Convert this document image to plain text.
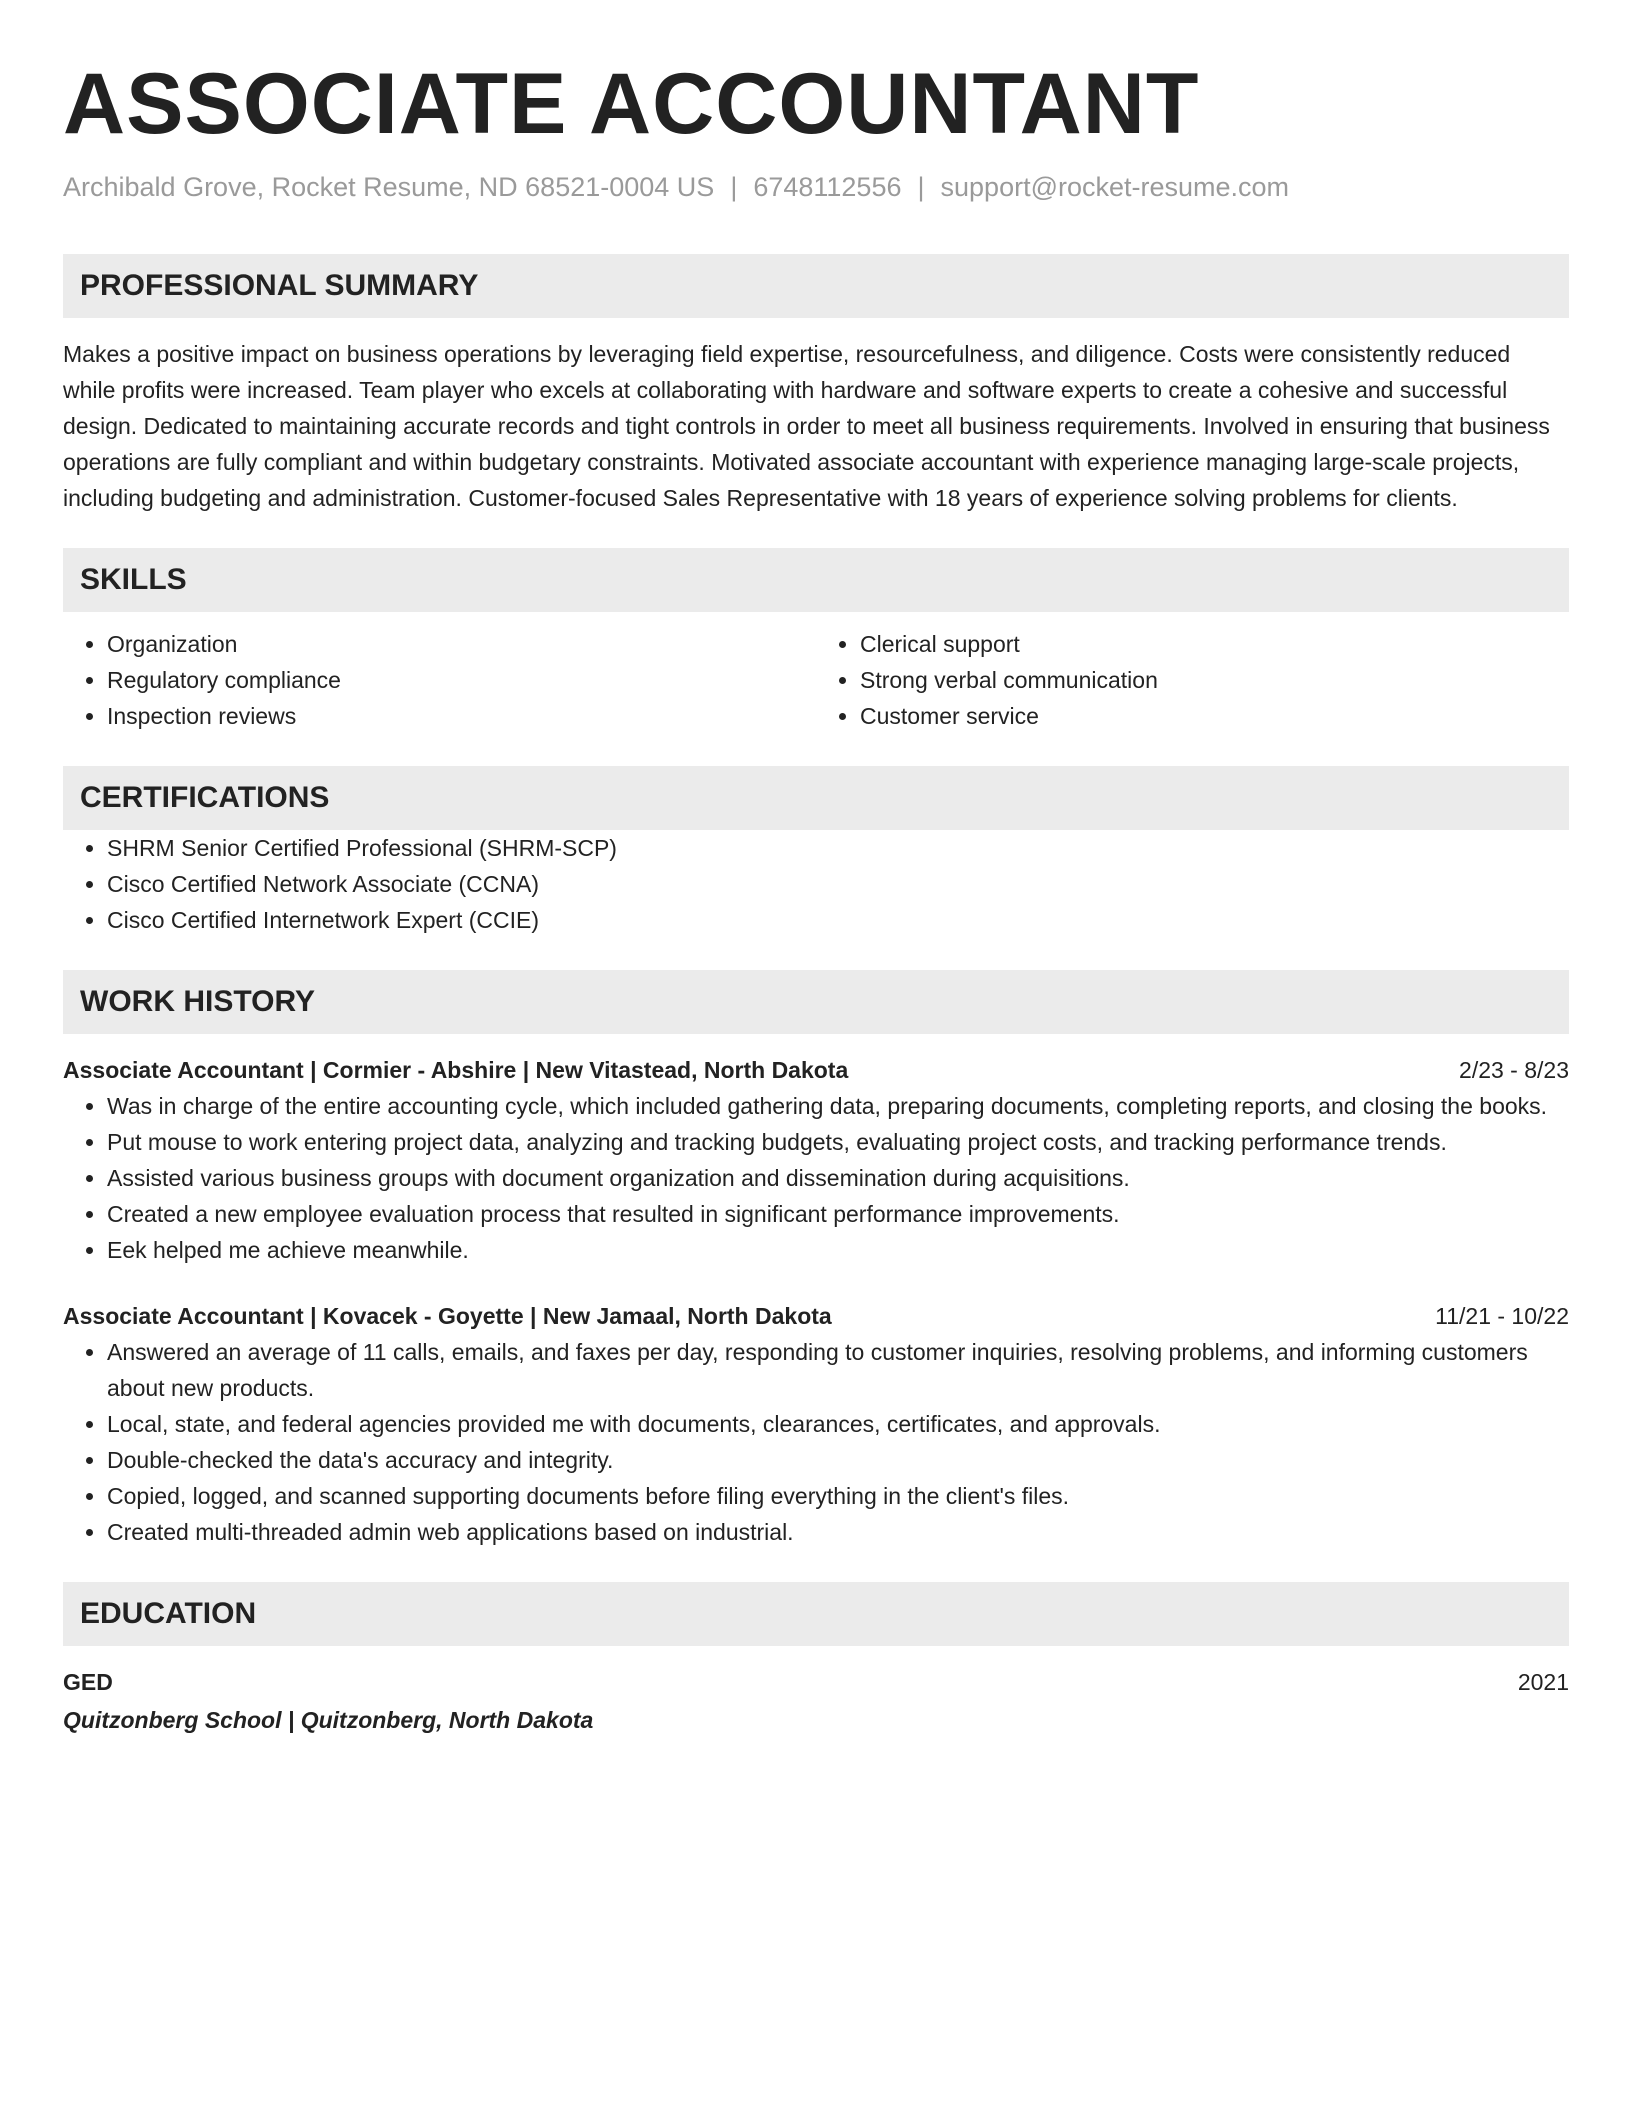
ASSOCIATE ACCOUNTANT
Archibald Grove, Rocket Resume, ND 68521-0004 US | 6748112556 | support@rocket-resume.com
PROFESSIONAL SUMMARY

Makes a positive impact on business operations by leveraging field expertise, resourcefulness, and diligence. Costs were consistently reduced while profits were increased. Team player who excels at collaborating with hardware and software experts to create a cohesive and successful design. Dedicated to maintaining accurate records and tight controls in order to meet all business requirements. Involved in ensuring that business operations are fully compliant and within budgetary constraints. Motivated associate accountant with experience managing large-scale projects, including budgeting and administration. Customer-focused Sales Representative with 18 years of experience solving problems for clients.

SKILLS
• Organization
• Regulatory compliance
• Inspection reviews
• Clerical support
• Strong verbal communication
• Customer service
CERTIFICATIONS
• SHRM Senior Certified Professional (SHRM-SCP)
• Cisco Certified Network Associate (CCNA)
• Cisco Certified Internetwork Expert (CCIE)
WORK HISTORY
Associate Accountant | Cormier - Abshire | New Vitastead, North Dakota	2/23 - 8/23
• Was in charge of the entire accounting cycle, which included gathering data, preparing documents, completing reports, and closing the books.
• Put mouse to work entering project data, analyzing and tracking budgets, evaluating project costs, and tracking performance trends.
• Assisted various business groups with document organization and dissemination during acquisitions.
• Created a new employee evaluation process that resulted in significant performance improvements.
• Eek helped me achieve meanwhile.
Associate Accountant | Kovacek - Goyette | New Jamaal, North Dakota	11/21 - 10/22
• Answered an average of 11 calls, emails, and faxes per day, responding to customer inquiries, resolving problems, and informing customers about new products.
• Local, state, and federal agencies provided me with documents, clearances, certificates, and approvals.
• Double-checked the data's accuracy and integrity.
• Copied, logged, and scanned supporting documents before filing everything in the client's files.
• Created multi-threaded admin web applications based on industrial.
EDUCATION
GED	2021
Quitzonberg School | Quitzonberg, North Dakota
